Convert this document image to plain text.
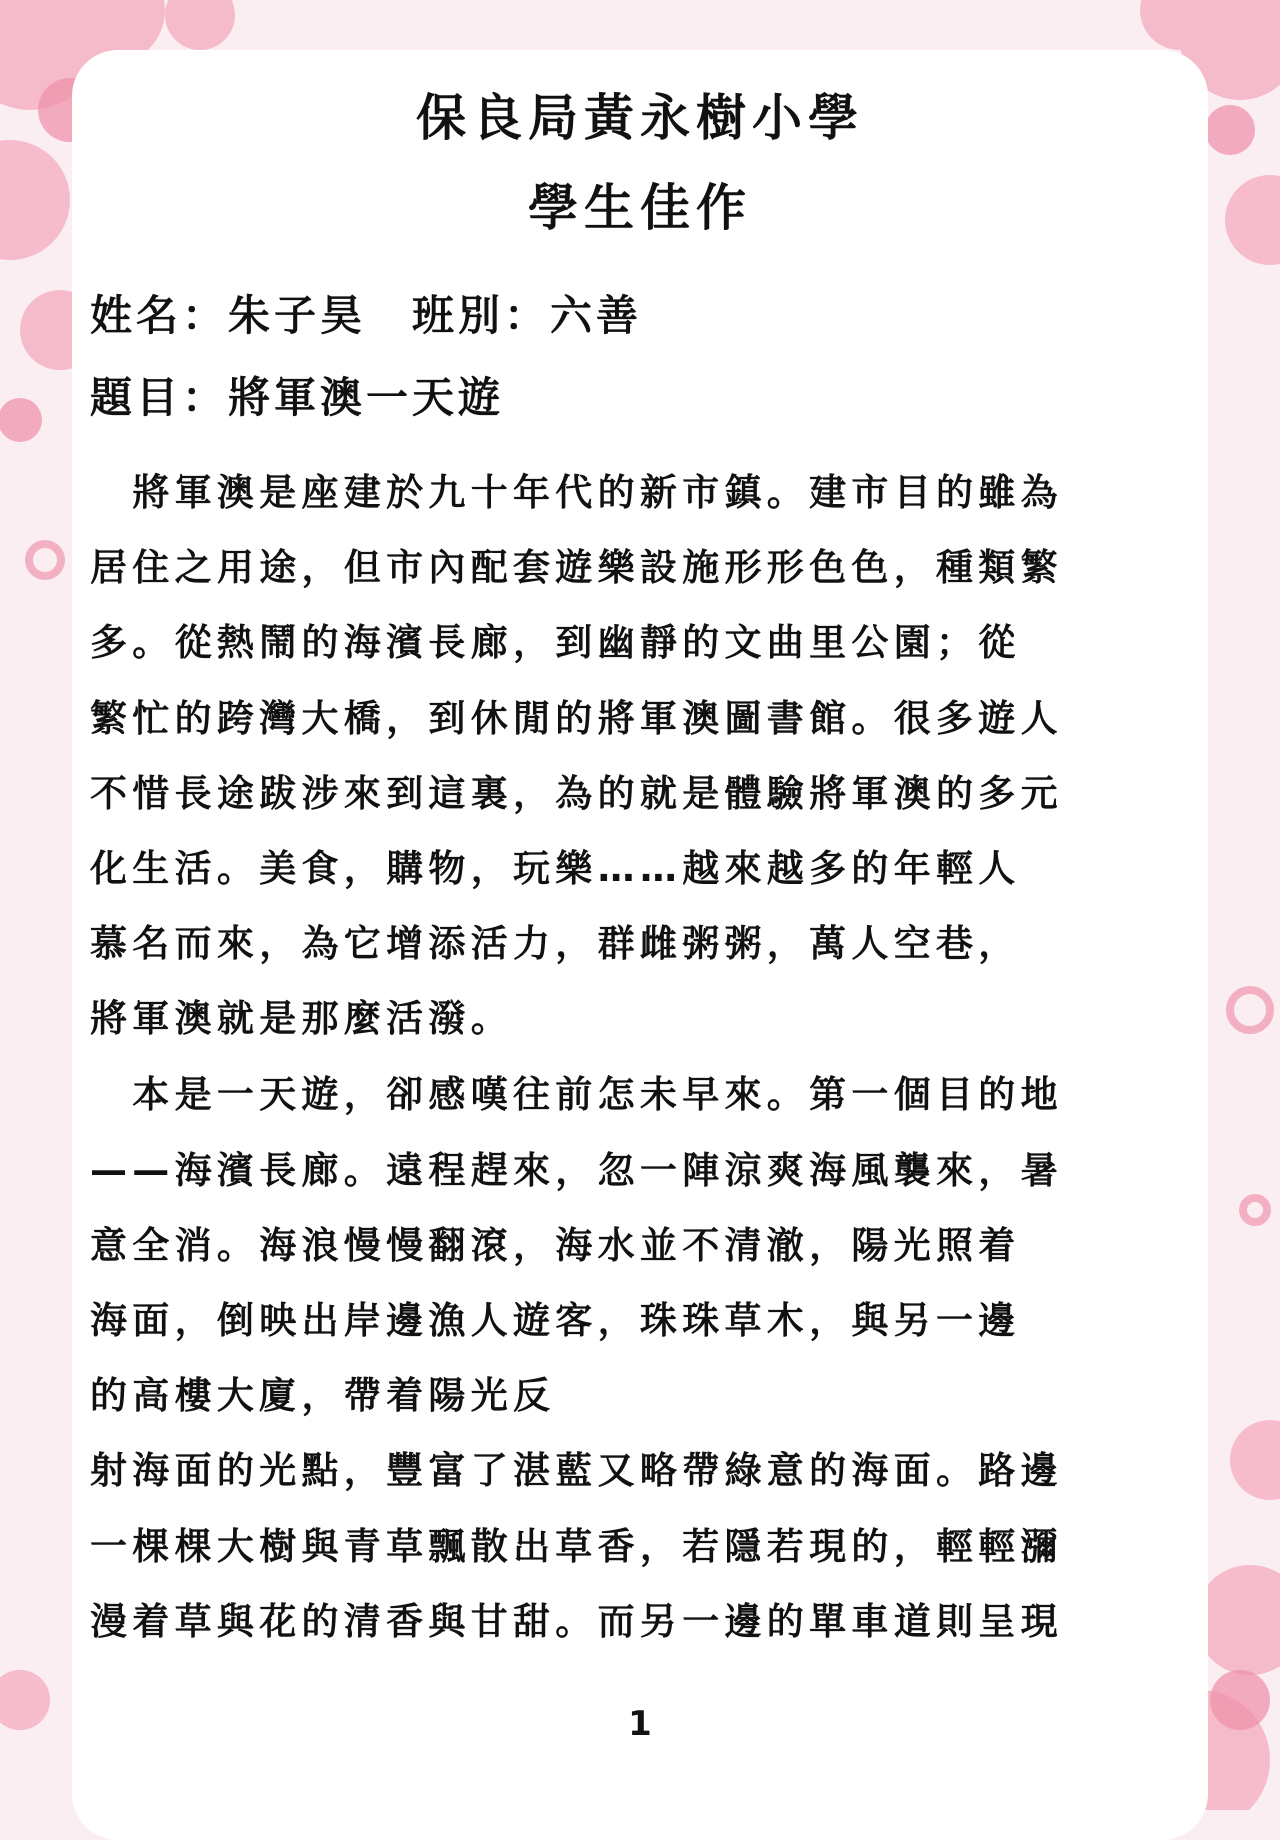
保良局黃永樹小學

學生佳作

姓名：朱子昊　班別：六善

題目：將軍澳一天遊

　將軍澳是座建於九十年代的新市鎮。建市目的雖為

居住之用途，但市內配套遊樂設施形形色色，種類繁

多。從熱鬧的海濱長廊，到幽靜的文曲里公園；從

繁忙的跨灣大橋，到休閒的將軍澳圖書館。很多遊人

不惜長途跋涉來到這裏，為的就是體驗將軍澳的多元

化生活。美食，購物，玩樂……越來越多的年輕人

慕名而來，為它增添活力，群雌粥粥，萬人空巷，

將軍澳就是那麼活潑。

　本是一天遊，卻感嘆往前怎未早來。第一個目的地

——海濱長廊。遠程趕來，忽一陣涼爽海風襲來，暑

意全消。海浪慢慢翻滾，海水並不清澈，陽光照着

海面，倒映出岸邊漁人遊客，珠珠草木，與另一邊

的高樓大廈，帶着陽光反

射海面的光點，豐富了湛藍又略帶綠意的海面。路邊

一棵棵大樹與青草飄散出草香，若隱若現的，輕輕瀰

漫着草與花的清香與甘甜。而另一邊的單車道則呈現

1
